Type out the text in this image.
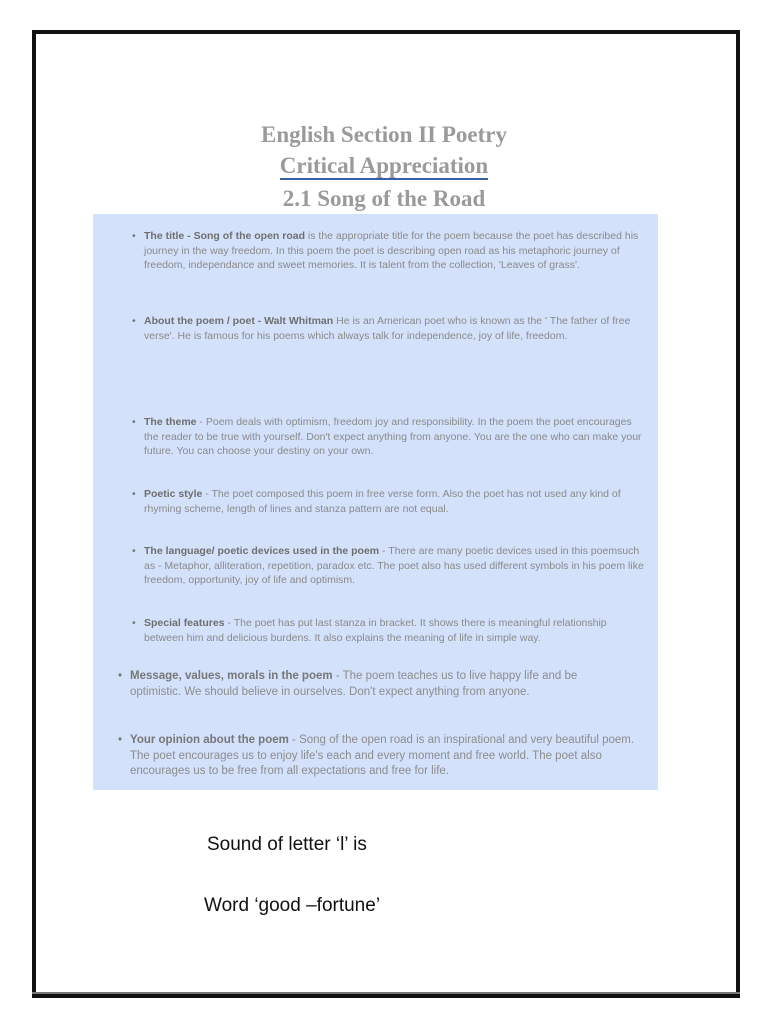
English Section II Poetry
Critical Appreciation
2.1 Song of the Road
• The title - Song of the open road is the appropriate title for the poem because the poet has described his journey in the way freedom. In this poem the poet is describing open road as his metaphoric journey of freedom, independance and sweet memories. It is talent from the collection, 'Leaves of grass'.
• About the poem / poet - Walt Whitman He is an American poet who is known as the ' The father of free verse'. He is famous for his poems which always talk for independence, joy of life, freedom.
• The theme - Poem deals with optimism, freedom joy and responsibility. In the poem the poet encourages the reader to be true with yourself. Don't expect anything from anyone. You are the one who can make your future. You can choose your destiny on your own.
• Poetic style - The poet composed this poem in free verse form. Also the poet has not used any kind of rhyming scheme, length of lines and stanza pattern are not equal.
• The language/ poetic devices used in the poem - There are many poetic devices used in this poemsuch as - Metaphor, alliteration, repetition, paradox etc. The poet also has used different symbols in his poem like freedom, opportunity, joy of life and optimism.
• Special features - The poet has put last stanza in bracket. It shows there is meaningful relationship between him and delicious burdens. It also explains the meaning of life in simple way.
• Message, values, morals in the poem - The poem teaches us to live happy life and be optimistic. We should believe in ourselves. Don't expect anything from anyone.
• Your opinion about the poem - Song of the open road is an inspirational and very beautiful poem. The poet encourages us to enjoy life's each and every moment and free world. The poet also encourages us to be free from all expectations and free for life.
Sound of letter ‘l’ is
Word ‘good –fortune’
